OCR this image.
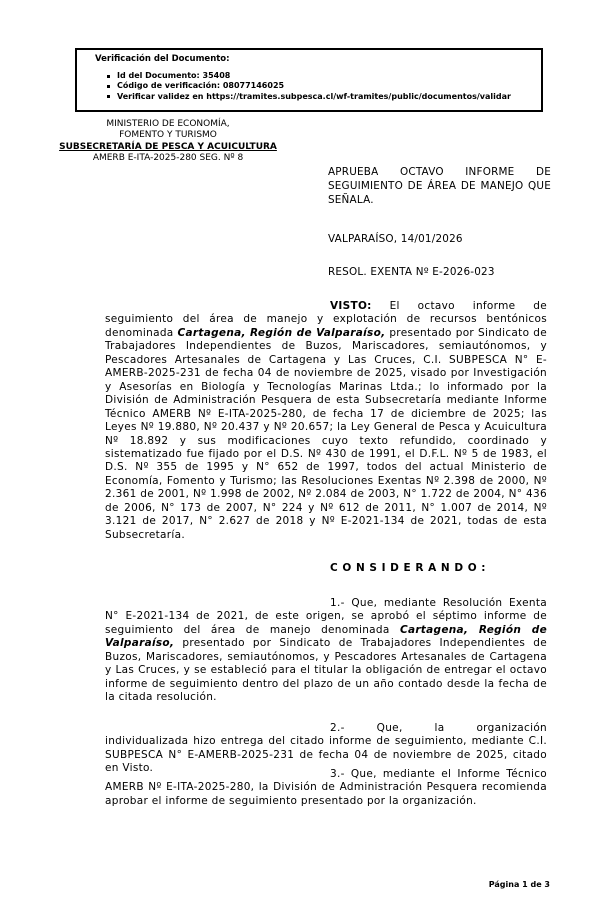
Verificación del Documento:
Id del Documento: 35408
Código de verificación: 08077146025
Verificar validez en https://tramites.subpesca.cl/wf-tramites/public/documentos/validar
MINISTERIO DE ECONOMÍA,
FOMENTO Y TURISMO
SUBSECRETARÍA DE PESCA Y ACUICULTURA
AMERB E-ITA-2025-280 SEG. Nº 8
APRUEBA OCTAVO INFORME DE SEGUIMIENTO DE ÁREA DE MANEJO QUE SEÑALA.
VALPARAÍSO, 14/01/2026
RESOL. EXENTA Nº E-2026-023

VISTO: El octavo informe de seguimiento del área de manejo y explotación de recursos bentónicos denominada Cartagena, Región de Valparaíso, presentado por Sindicato de Trabajadores Independientes de Buzos, Mariscadores, semiautónomos, y Pescadores Artesanales de Cartagena y Las Cruces, C.I. SUBPESCA N° E-AMERB-2025-231 de fecha 04 de noviembre de 2025, visado por Investigación y Asesorías en Biología y Tecnologías Marinas Ltda.; lo informado por la División de Administración Pesquera de esta Subsecretaría mediante Informe Técnico AMERB Nº E-ITA-2025-280, de fecha 17 de diciembre de 2025; las Leyes Nº 19.880, Nº 20.437 y Nº 20.657; la Ley General de Pesca y Acuicultura Nº 18.892 y sus modificaciones cuyo texto refundido, coordinado y sistematizado fue fijado por el D.S. Nº 430 de 1991, el D.F.L. Nº 5 de 1983, el D.S. Nº 355 de 1995 y N° 652 de 1997, todos del actual Ministerio de Economía, Fomento y Turismo; las Resoluciones Exentas Nº 2.398 de 2000, Nº 2.361 de 2001, Nº 1.998 de 2002, Nº 2.084 de 2003, N° 1.722 de 2004, N° 436 de 2006, N° 173 de 2007, N° 224 y Nº 612 de 2011, N° 1.007 de 2014, Nº 3.121 de 2017, N° 2.627 de 2018 y Nº E-2021-134 de 2021, todas de esta Subsecretaría.

C O N S I D E R A N D O :

1.- Que, mediante Resolución Exenta N° E-2021-134 de 2021, de este origen, se aprobó el séptimo informe de seguimiento del área de manejo denominada Cartagena, Región de Valparaíso, presentado por Sindicato de Trabajadores Independientes de Buzos, Mariscadores, semiautónomos, y Pescadores Artesanales de Cartagena y Las Cruces, y se estableció para el titular la obligación de entregar el octavo informe de seguimiento dentro del plazo de un año contado desde la fecha de la citada resolución.

2.- Que, la organización individualizada hizo entrega del citado informe de seguimiento, mediante C.I. SUBPESCA N° E-AMERB-2025-231 de fecha 04 de noviembre de 2025, citado en Visto.	3.- Que, mediante el Informe Técnico AMERB Nº E-ITA-2025-280, la División de Administración Pesquera recomienda aprobar el informe de seguimiento presentado por la organización.

Página 1 de 3
